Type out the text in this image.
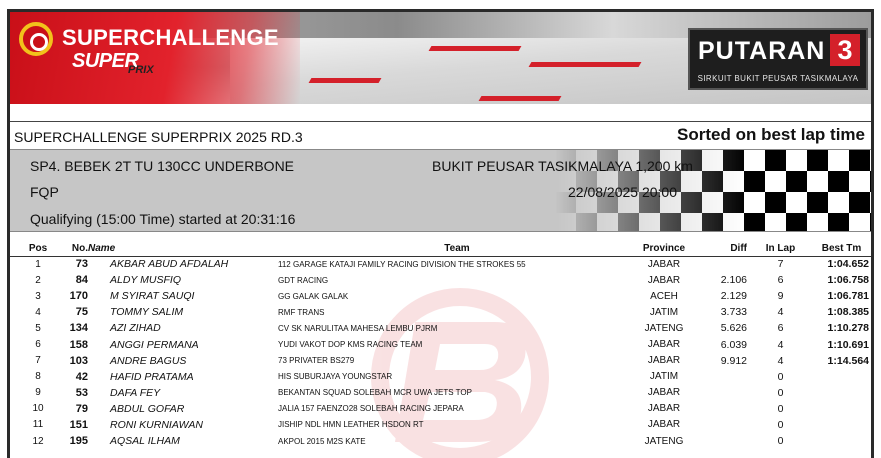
SUPERCHALLENGE
SUPER
PRIX
PUTARAN 3
SIRKUIT BUKIT PEUSAR TASIKMALAYA
SUPERCHALLENGE SUPERPRIX 2025 RD.3	Sorted on best lap time
SP4. BEBEK 2T TU 130CC UNDERBONE	BUKIT PEUSAR TASIKMALAYA 1,200 km
FQP	22/08/2025 20:00
Qualifying (15:00 Time) started at 20:31:16
Pos	No.	Name	Team	Province	Diff	In Lap	Best Tm
1	73	AKBAR ABUD AFDALAH	112 GARAGE KATAJI FAMILY RACING DIVISION THE STROKES 55	JABAR		7	1:04.652
2	84	ALDY MUSFIQ	GDT RACING	JABAR	2.106	6	1:06.758
3	170	M SYIRAT SAUQI	GG GALAK GALAK	ACEH	2.129	9	1:06.781
4	75	TOMMY SALIM	RMF TRANS	JATIM	3.733	4	1:08.385
5	134	AZI ZIHAD	CV SK NARULITAA MAHESA LEMBU PJRM	JATENG	5.626	6	1:10.278
6	158	ANGGI PERMANA	YUDI VAKOT DOP KMS RACING TEAM	JABAR	6.039	4	1:10.691
7	103	ANDRE BAGUS	73 PRIVATER BS279	JABAR	9.912	4	1:14.564
8	42	HAFID PRATAMA	HIS SUBURJAYA YOUNGSTAR	JATIM		0	
9	53	DAFA FEY	BEKANTAN SQUAD SOLEBAH MCR UWA JETS TOP	JABAR		0	
10	79	ABDUL GOFAR	JALIA 157 FAENZO28 SOLEBAH RACING JEPARA	JABAR		0	
11	151	RONI KURNIAWAN	JISHIP NDL HMN LEATHER HSDON RT	JABAR		0	
12	195	AQSAL ILHAM	AKPOL 2015 M2S KATE	JATENG		0	
